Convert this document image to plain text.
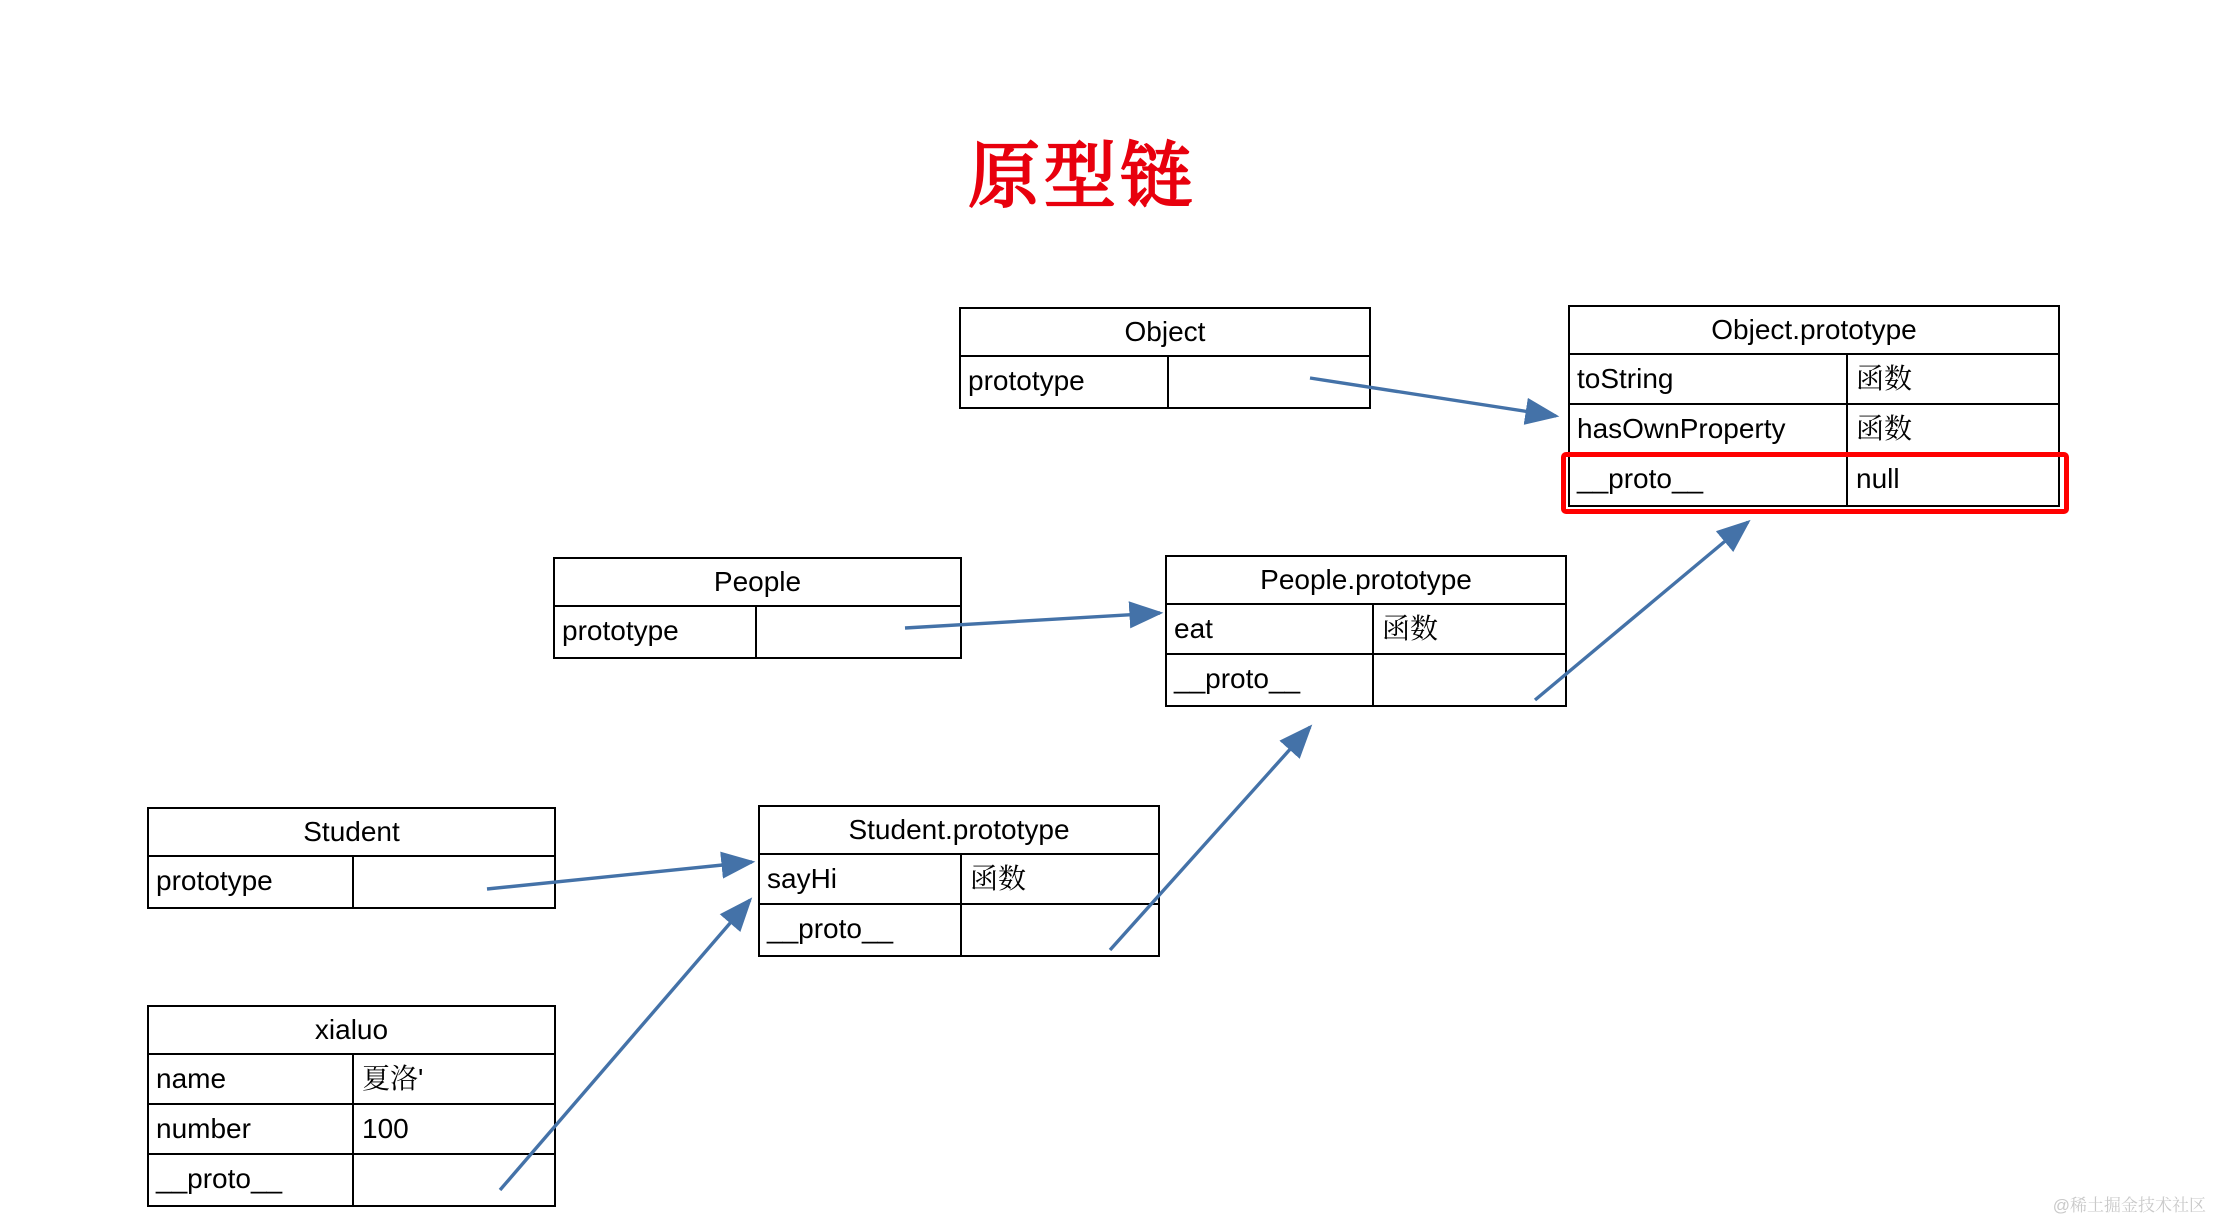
原型链
Object
prototype
Object.prototype
toString	函数
hasOwnProperty	函数
__proto__	null
People
prototype
People.prototype
eat	函数
__proto__
Student
prototype
Student.prototype
sayHi	函数
__proto__
xialuo
name	夏洛'
number	100
__proto__
@稀土掘金技术社区
